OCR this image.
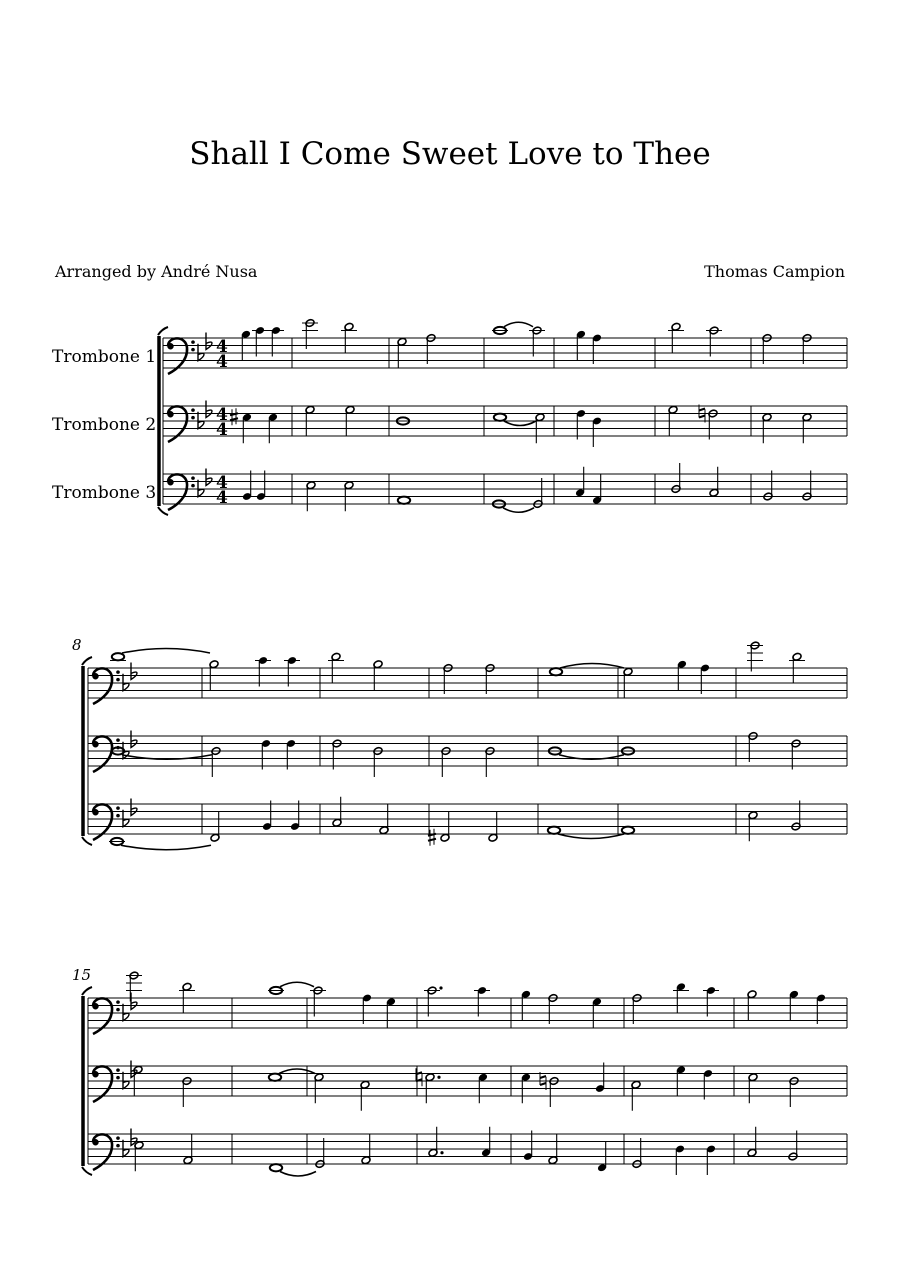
Shall I Come Sweet Love to Thee
Arranged by André Nusa	Thomas Campion
Trombone 1
Trombone 2
Trombone 3
8
15
4
4
4
4
4
4
